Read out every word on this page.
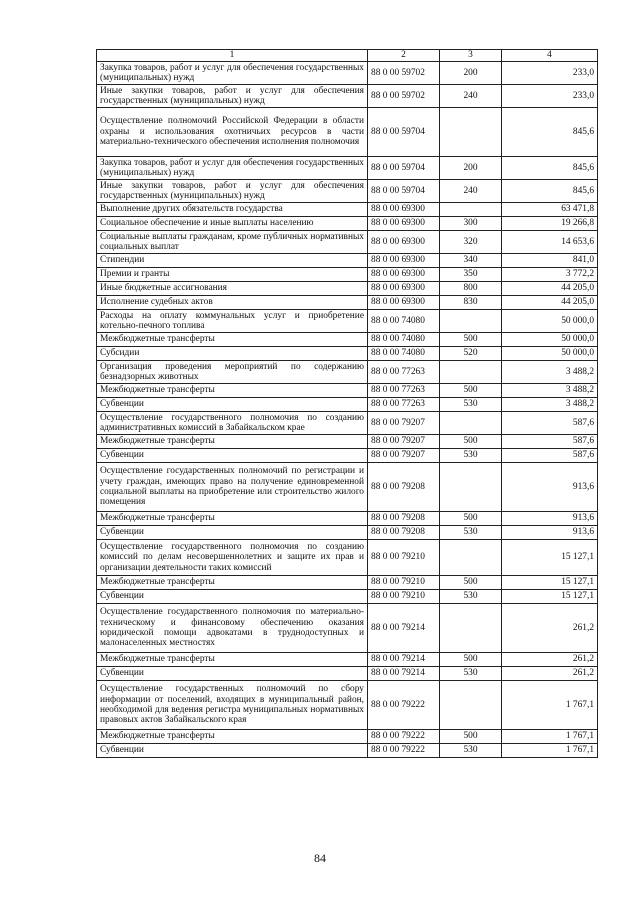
1	2	3	4
Закупка товаров, работ и услуг для обеспечения государственных (муниципальных) нужд	88 0 00 59702	200	233,0
Иные закупки товаров, работ и услуг для обеспечения государственных (муниципальных) нужд	88 0 00 59702	240	233,0
Осуществление полномочий Российской Федерации в области охраны и использования охотничьих ресурсов в части материально-технического обеспечения исполнения полномочия	88 0 00 59704		845,6
Закупка товаров, работ и услуг для обеспечения государственных (муниципальных) нужд	88 0 00 59704	200	845,6
Иные закупки товаров, работ и услуг для обеспечения государственных (муниципальных) нужд	88 0 00 59704	240	845,6
Выполнение других обязательств государства	88 0 00 69300		63 471,8
Социальное обеспечение и иные выплаты населению	88 0 00 69300	300	19 266,8
Социальные выплаты гражданам, кроме публичных нормативных социальных выплат	88 0 00 69300	320	14 653,6
Стипендии	88 0 00 69300	340	841,0
Премии и гранты	88 0 00 69300	350	3 772,2
Иные бюджетные ассигнования	88 0 00 69300	800	44 205,0
Исполнение судебных актов	88 0 00 69300	830	44 205,0
Расходы на оплату коммунальных услуг и приобретение котельно-печного топлива	88 0 00 74080		50 000,0
Межбюджетные трансферты	88 0 00 74080	500	50 000,0
Субсидии	88 0 00 74080	520	50 000,0
Организация проведения мероприятий по содержанию безнадзорных животных	88 0 00 77263		3 488,2
Межбюджетные трансферты	88 0 00 77263	500	3 488,2
Субвенции	88 0 00 77263	530	3 488,2
Осуществление государственного полномочия по созданию административных комиссий в Забайкальском крае	88 0 00 79207		587,6
Межбюджетные трансферты	88 0 00 79207	500	587,6
Субвенции	88 0 00 79207	530	587,6
Осуществление государственных полномочий по регистрации и учету граждан, имеющих право на получение единовременной социальной выплаты на приобретение или строительство жилого помещения	88 0 00 79208		913,6
Межбюджетные трансферты	88 0 00 79208	500	913,6
Субвенции	88 0 00 79208	530	913,6
Осуществление государственного полномочия по созданию комиссий по делам несовершеннолетних и защите их прав и организации деятельности таких комиссий	88 0 00 79210		15 127,1
Межбюджетные трансферты	88 0 00 79210	500	15 127,1
Субвенции	88 0 00 79210	530	15 127,1
Осуществление государственного полномочия по материально-техническому и финансовому обеспечению оказания юридической помощи адвокатами в труднодоступных и малонаселенных местностях	88 0 00 79214		261,2
Межбюджетные трансферты	88 0 00 79214	500	261,2
Субвенции	88 0 00 79214	530	261,2
Осуществление государственных полномочий по сбору информации от поселений, входящих в муниципальный район, необходимой для ведения регистра муниципальных нормативных правовых актов Забайкальского края	88 0 00 79222		1 767,1
Межбюджетные трансферты	88 0 00 79222	500	1 767,1
Субвенции	88 0 00 79222	530	1 767,1
84
